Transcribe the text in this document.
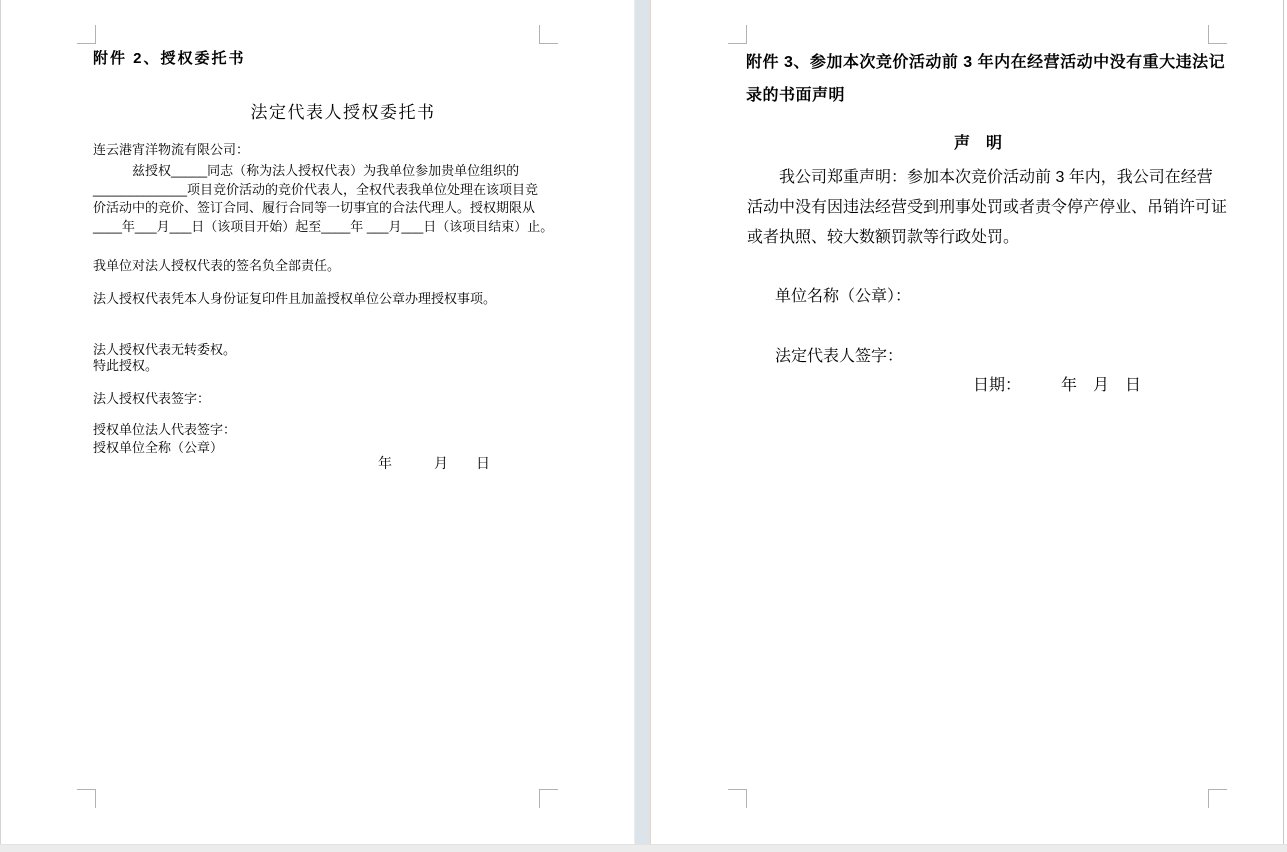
附件 2、授权委托书
法定代表人授权委托书
连云港宵洋物流有限公司：
　　　兹授权_____同志（称为法人授权代表）为我单位参加贵单位组织的
_____________项目竞价活动的竞价代表人，全权代表我单位处理在该项目竞
价活动中的竞价、签订合同、履行合同等一切事宜的合法代理人。授权期限从
____年___月___日（该项目开始）起至____年 ___月___日（该项目结束）止。
我单位对法人授权代表的签名负全部责任。
法人授权代表凭本人身份证复印件且加盖授权单位公章办理授权事项。
法人授权代表无转委权。
特此授权。
法人授权代表签字：
授权单位法人代表签字：
授权单位全称（公章）
年　　　月　　日
附件 3、参加本次竞价活动前 3 年内在经营活动中没有重大违法记
录的书面声明
声　明
　　我公司郑重声明：参加本次竞价活动前 3 年内，我公司在经营
活动中没有因违法经营受到刑事处罚或者责令停产停业、吊销许可证
或者执照、较大数额罚款等行政处罚。
单位名称（公章）：
法定代表人签字：
日期：　　　年　月　日
